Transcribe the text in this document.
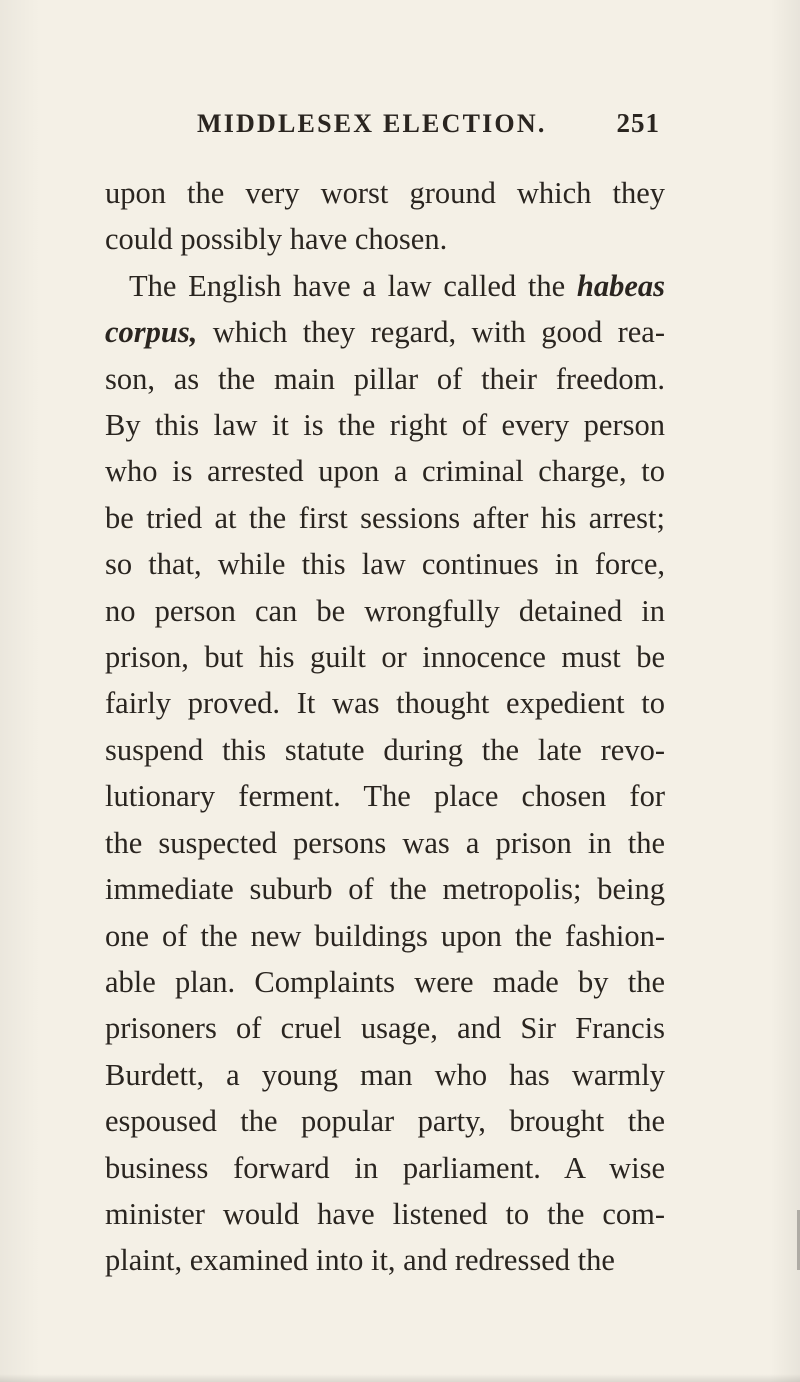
MIDDLESEX ELECTION.	251
upon the very worst ground which they
could possibly have chosen.
The English have a law called the habeas
corpus, which they regard, with good rea-
son, as the main pillar of their freedom.
By this law it is the right of every person
who is arrested upon a criminal charge, to
be tried at the first sessions after his arrest;
so that, while this law continues in force,
no person can be wrongfully detained in
prison, but his guilt or innocence must be
fairly proved. It was thought expedient to
suspend this statute during the late revo-
lutionary ferment. The place chosen for
the suspected persons was a prison in the
immediate suburb of the metropolis; being
one of the new buildings upon the fashion-
able plan. Complaints were made by the
prisoners of cruel usage, and Sir Francis
Burdett, a young man who has warmly
espoused the popular party, brought the
business forward in parliament. A wise
minister would have listened to the com-
plaint, examined into it, and redressed the
